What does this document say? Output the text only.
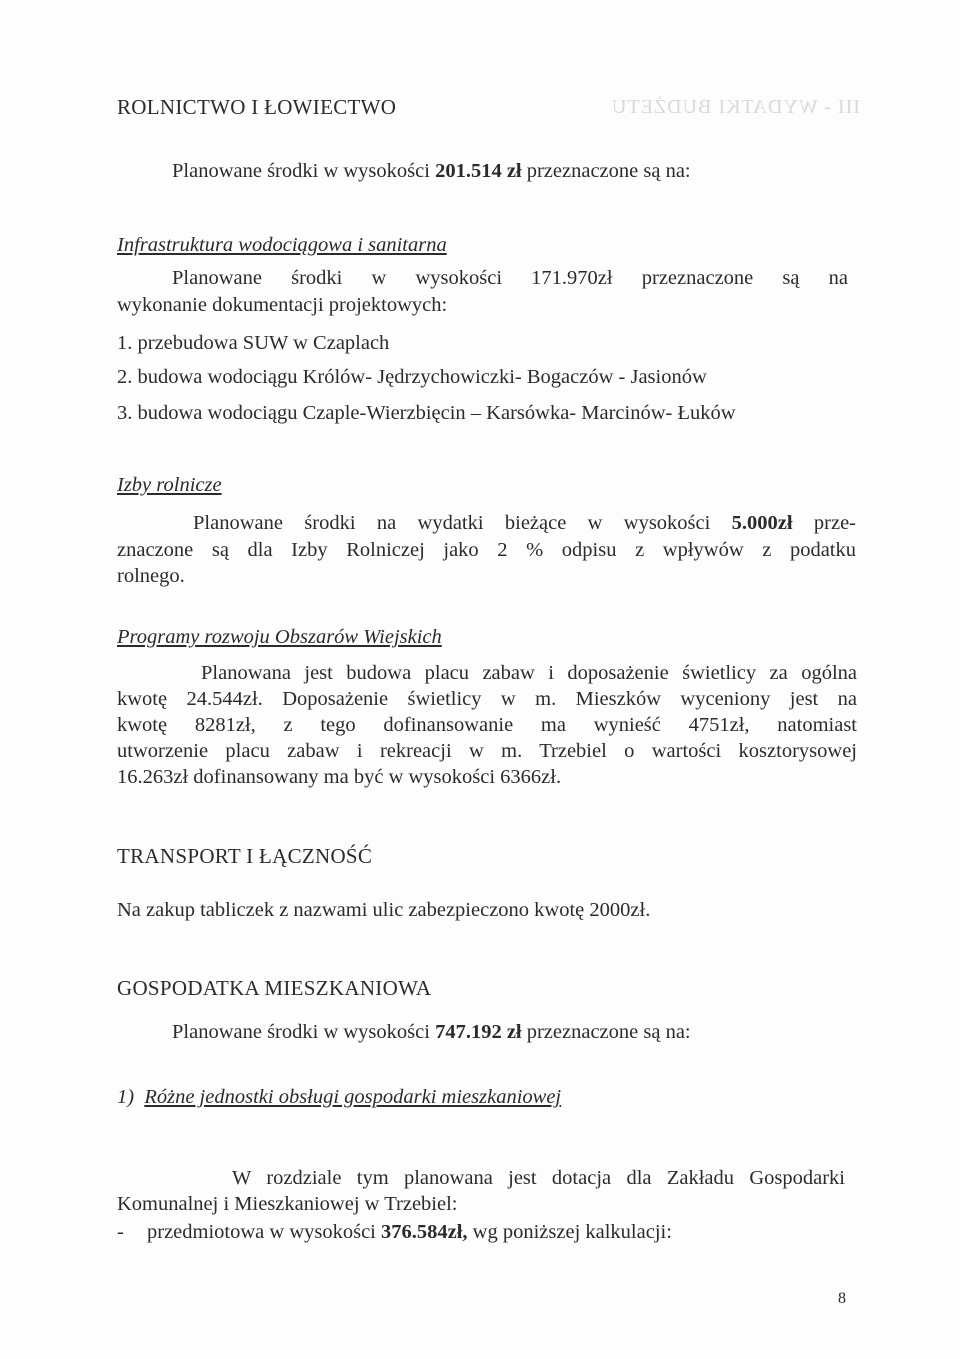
III - WYDATKI BUDŻETU
ROLNICTWO I ŁOWIECTWO
Planowane środki w wysokości 201.514 zł przeznaczone są na:
Infrastruktura wodociągowa i sanitarna
Planowane środki w wysokości 171.970zł przeznaczone są na
wykonanie dokumentacji projektowych:
1. przebudowa SUW w Czaplach
2. budowa wodociągu Królów- Jędrzychowiczki- Bogaczów - Jasionów
3. budowa wodociągu Czaple-Wierzbięcin – Karsówka- Marcinów- Łuków
Izby rolnicze
Planowane środki na wydatki bieżące w wysokości 5.000zł prze-
znaczone są dla Izby Rolniczej jako 2 % odpisu z wpływów z podatku
rolnego.
Programy rozwoju Obszarów Wiejskich
Planowana jest budowa placu zabaw i doposażenie świetlicy za ogólna
kwotę 24.544zł. Doposażenie świetlicy w m. Mieszków wyceniony jest na
kwotę 8281zł, z tego dofinansowanie ma wynieść 4751zł, natomiast
utworzenie placu zabaw i rekreacji w m. Trzebiel o wartości kosztorysowej
16.263zł dofinansowany ma być w wysokości 6366zł.
TRANSPORT I ŁĄCZNOŚĆ
Na zakup tabliczek z nazwami ulic zabezpieczono kwotę 2000zł.
GOSPODATKA MIESZKANIOWA
Planowane środki w wysokości 747.192 zł przeznaczone są na:
1) Różne jednostki obsługi gospodarki mieszkaniowej
W rozdziale tym planowana jest dotacja dla Zakładu Gospodarki
Komunalnej i Mieszkaniowej w Trzebiel:
- przedmiotowa w wysokości 376.584zł, wg poniższej kalkulacji:
8
